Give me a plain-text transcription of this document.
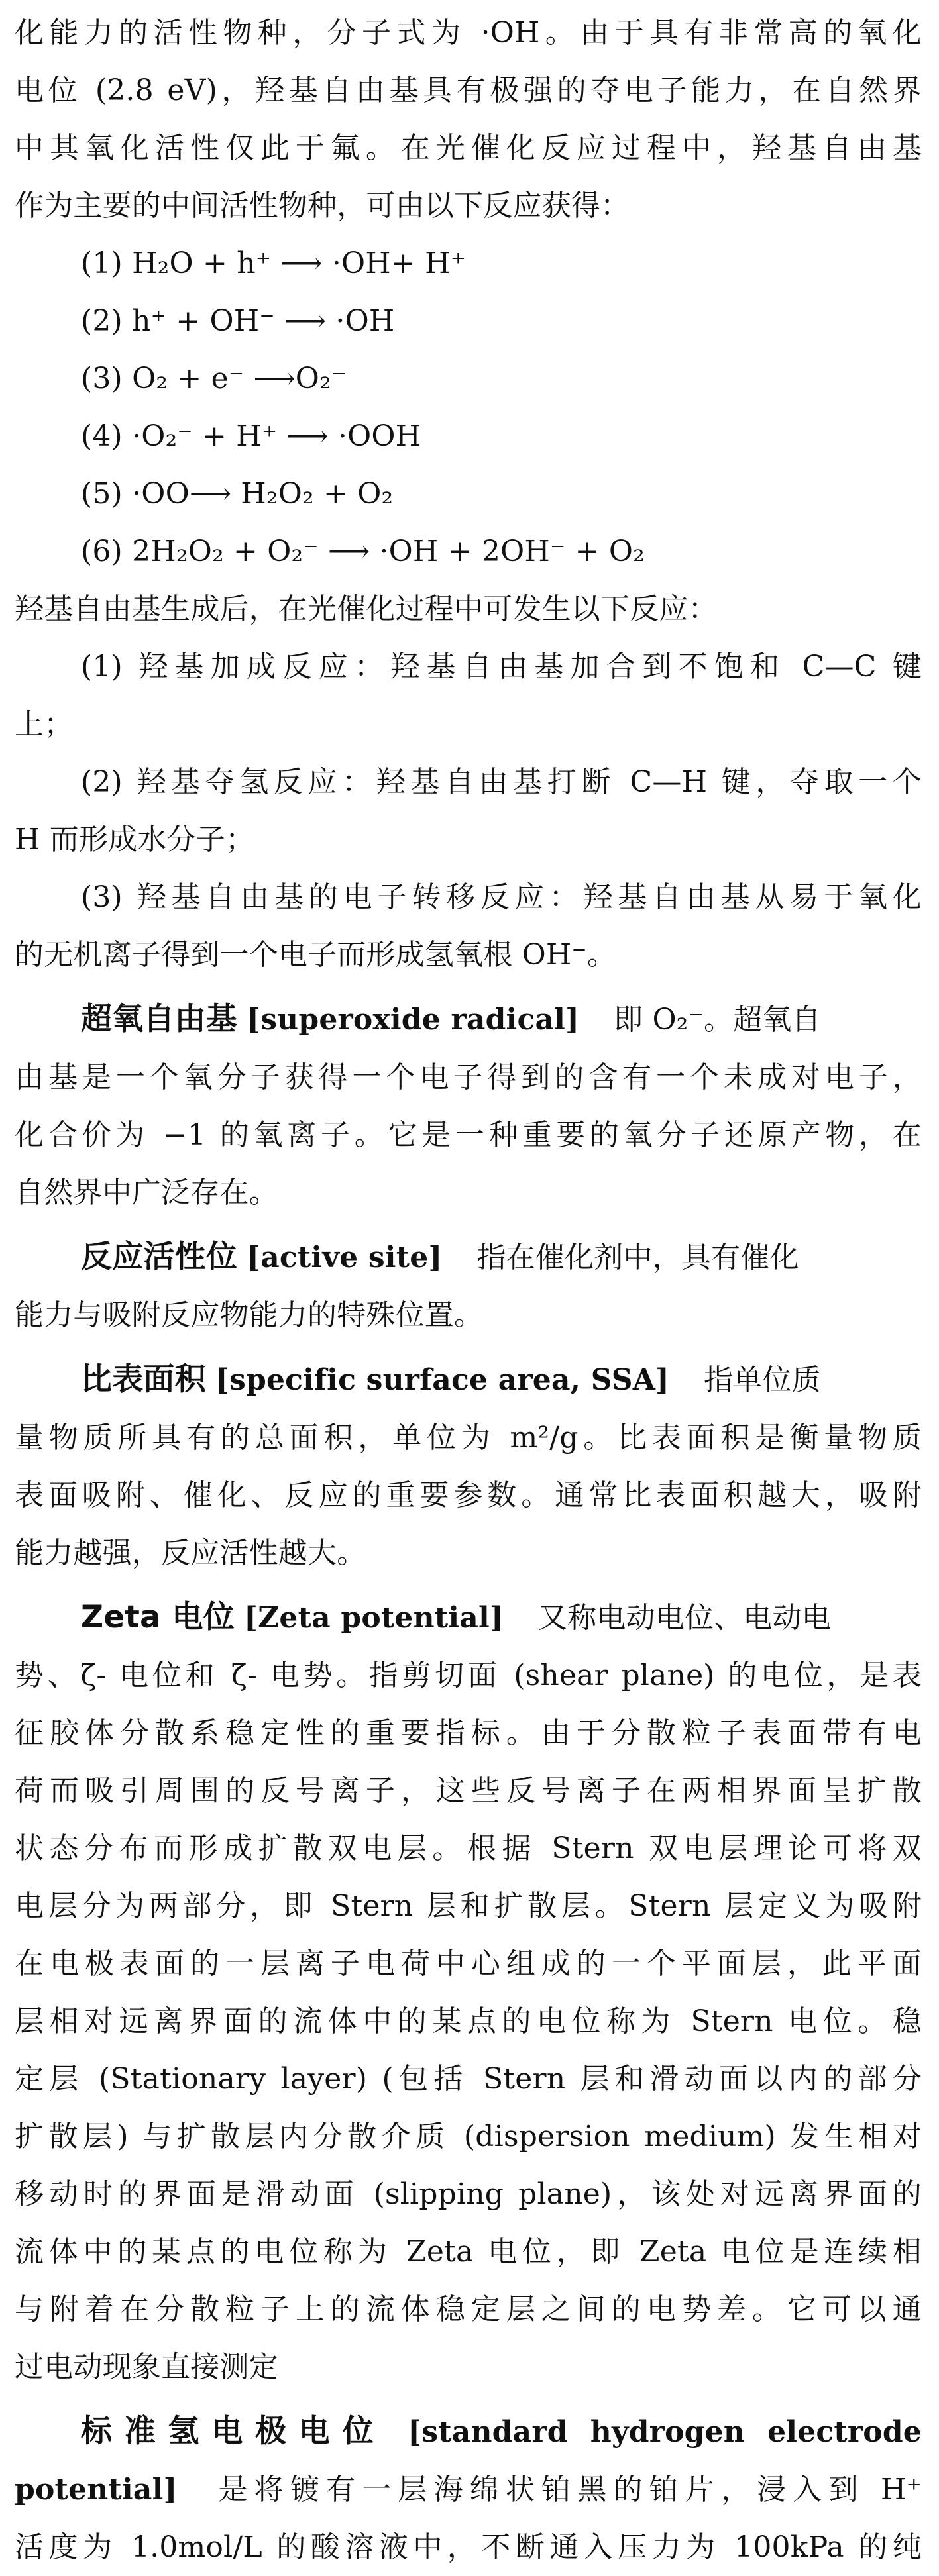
化能力的活性物种，分子式为 ·OH。由于具有非常高的氧化

电位 (2.8 eV)，羟基自由基具有极强的夺电子能力，在自然界

中其氧化活性仅此于氟。在光催化反应过程中，羟基自由基

作为主要的中间活性物种，可由以下反应获得：

(1) H₂O + h⁺ ⟶ ·OH+ H⁺

(2) h⁺ + OH⁻ ⟶ ·OH

(3) O₂ + e⁻ ⟶O₂⁻

(4) ·O₂⁻ + H⁺ ⟶ ·OOH

(5) ·OO⟶ H₂O₂ + O₂

(6) 2H₂O₂ + O₂⁻ ⟶ ·OH + 2OH⁻ + O₂

羟基自由基生成后，在光催化过程中可发生以下反应：

(1) 羟基加成反应：羟基自由基加合到不饱和 C—C 键

上；

(2) 羟基夺氢反应：羟基自由基打断 C—H 键，夺取一个

H 而形成水分子；

(3) 羟基自由基的电子转移反应：羟基自由基从易于氧化

的无机离子得到一个电子而形成氢氧根 OH⁻。

超氧自由基 [superoxide radical] 即 O₂⁻。超氧自

由基是一个氧分子获得一个电子得到的含有一个未成对电子，

化合价为 −1 的氧离子。它是一种重要的氧分子还原产物，在

自然界中广泛存在。

反应活性位 [active site] 指在催化剂中，具有催化

能力与吸附反应物能力的特殊位置。

比表面积 [specific surface area, SSA] 指单位质

量物质所具有的总面积，单位为 m²/g。比表面积是衡量物质

表面吸附、催化、反应的重要参数。通常比表面积越大，吸附

能力越强，反应活性越大。

Zeta 电位 [Zeta potential] 又称电动电位、电动电

势、ζ- 电位和 ζ- 电势。指剪切面 (shear plane) 的电位，是表

征胶体分散系稳定性的重要指标。由于分散粒子表面带有电

荷而吸引周围的反号离子，这些反号离子在两相界面呈扩散

状态分布而形成扩散双电层。根据 Stern 双电层理论可将双

电层分为两部分，即 Stern 层和扩散层。Stern 层定义为吸附

在电极表面的一层离子电荷中心组成的一个平面层，此平面

层相对远离界面的流体中的某点的电位称为 Stern 电位。稳

定层 (Stationary layer) (包括 Stern 层和滑动面以内的部分

扩散层) 与扩散层内分散介质 (dispersion medium) 发生相对

移动时的界面是滑动面 (slipping plane)，该处对远离界面的

流体中的某点的电位称为 Zeta 电位，即 Zeta 电位是连续相

与附着在分散粒子上的流体稳定层之间的电势差。它可以通

过电动现象直接测定

标准氢电极电位 [standard hydrogen electrode

potential] 是将镀有一层海绵状铂黑的铂片，浸入到 H⁺

活度为 1.0mol/L 的酸溶液中，不断通入压力为 100kPa 的纯
